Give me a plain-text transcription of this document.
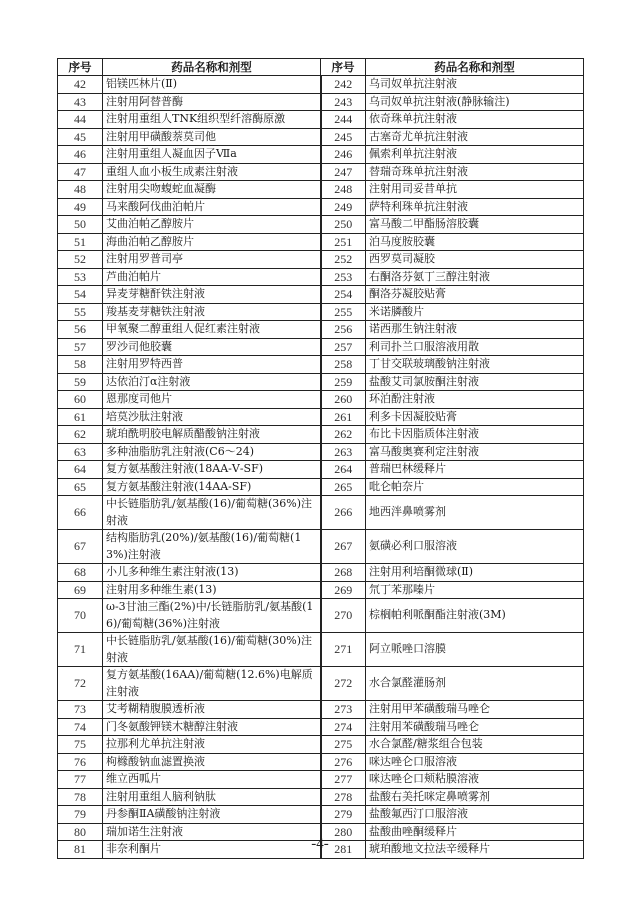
序号	药品名称和剂型	序号	药品名称和剂型
42	铝镁匹林片(Ⅱ)	242	乌司奴单抗注射液
43	注射用阿替普酶	243	乌司奴单抗注射液(静脉输注)
44	注射用重组人TNK组织型纤溶酶原激	244	依奇珠单抗注射液
45	注射用甲磺酸萘莫司他	245	古塞奇尤单抗注射液
46	注射用重组人凝血因子Ⅶa	246	佩索利单抗注射液
47	重组人血小板生成素注射液	247	替瑞奇珠单抗注射液
48	注射用尖吻蝮蛇血凝酶	248	注射用司妥昔单抗
49	马来酸阿伐曲泊帕片	249	萨特利珠单抗注射液
50	艾曲泊帕乙醇胺片	250	富马酸二甲酯肠溶胶囊
51	海曲泊帕乙醇胺片	251	泊马度胺胶囊
52	注射用罗普司亭	252	西罗莫司凝胶
53	芦曲泊帕片	253	右酮洛芬氨丁三醇注射液
54	异麦芽糖酐铁注射液	254	酮洛芬凝胶贴膏
55	羧基麦芽糖铁注射液	255	米诺膦酸片
56	甲氧聚二醇重组人促红素注射液	256	诺西那生钠注射液
57	罗沙司他胶囊	257	利司扑兰口服溶液用散
58	注射用罗特西普	258	丁甘交联玻璃酸钠注射液
59	达依泊汀α注射液	259	盐酸艾司氯胺酮注射液
60	恩那度司他片	260	环泊酚注射液
61	培莫沙肽注射液	261	利多卡因凝胶贴膏
62	琥珀酰明胶电解质醋酸钠注射液	262	布比卡因脂质体注射液
63	多种油脂肪乳注射液(C6～24)	263	富马酸奥赛利定注射液
64	复方氨基酸注射液(18AA-Ⅴ-SF)	264	普瑞巴林缓释片
65	复方氨基酸注射液(14AA-SF)	265	吡仑帕奈片
66	中长链脂肪乳/氨基酸(16)/葡萄糖(36%)注射液	266	地西泮鼻喷雾剂
67	结构脂肪乳(20%)/氨基酸(16)/葡萄糖(13%)注射液	267	氨磺必利口服溶液
68	小儿多种维生素注射液(13)	268	注射用利培酮微球(Ⅱ)
69	注射用多种维生素(13)	269	氘丁苯那嗪片
70	ω-3甘油三酯(2%)中/长链脂肪乳/氨基酸(16)/葡萄糖(36%)注射液	270	棕榈帕利哌酮酯注射液(3M)
71	中长链脂肪乳/氨基酸(16)/葡萄糖(30%)注射液	271	阿立哌唑口溶膜
72	复方氨基酸(16AA)/葡萄糖(12.6%)电解质注射液	272	水合氯醛灌肠剂
73	艾考糊精腹膜透析液	273	注射用甲苯磺酸瑞马唑仑
74	门冬氨酸钾镁木糖醇注射液	274	注射用苯磺酸瑞马唑仑
75	拉那利尤单抗注射液	275	水合氯醛/糖浆组合包装
76	枸橼酸钠血滤置换液	276	咪达唑仑口服溶液
77	维立西呱片	277	咪达唑仑口颊粘膜溶液
78	注射用重组人脑利钠肽	278	盐酸右美托咪定鼻喷雾剂
79	丹参酮ⅡA磺酸钠注射液	279	盐酸氟西汀口服溶液
80	瑞加诺生注射液	280	盐酸曲唑酮缓释片
81	非奈利酮片	281	琥珀酸地文拉法辛缓释片
-4-
